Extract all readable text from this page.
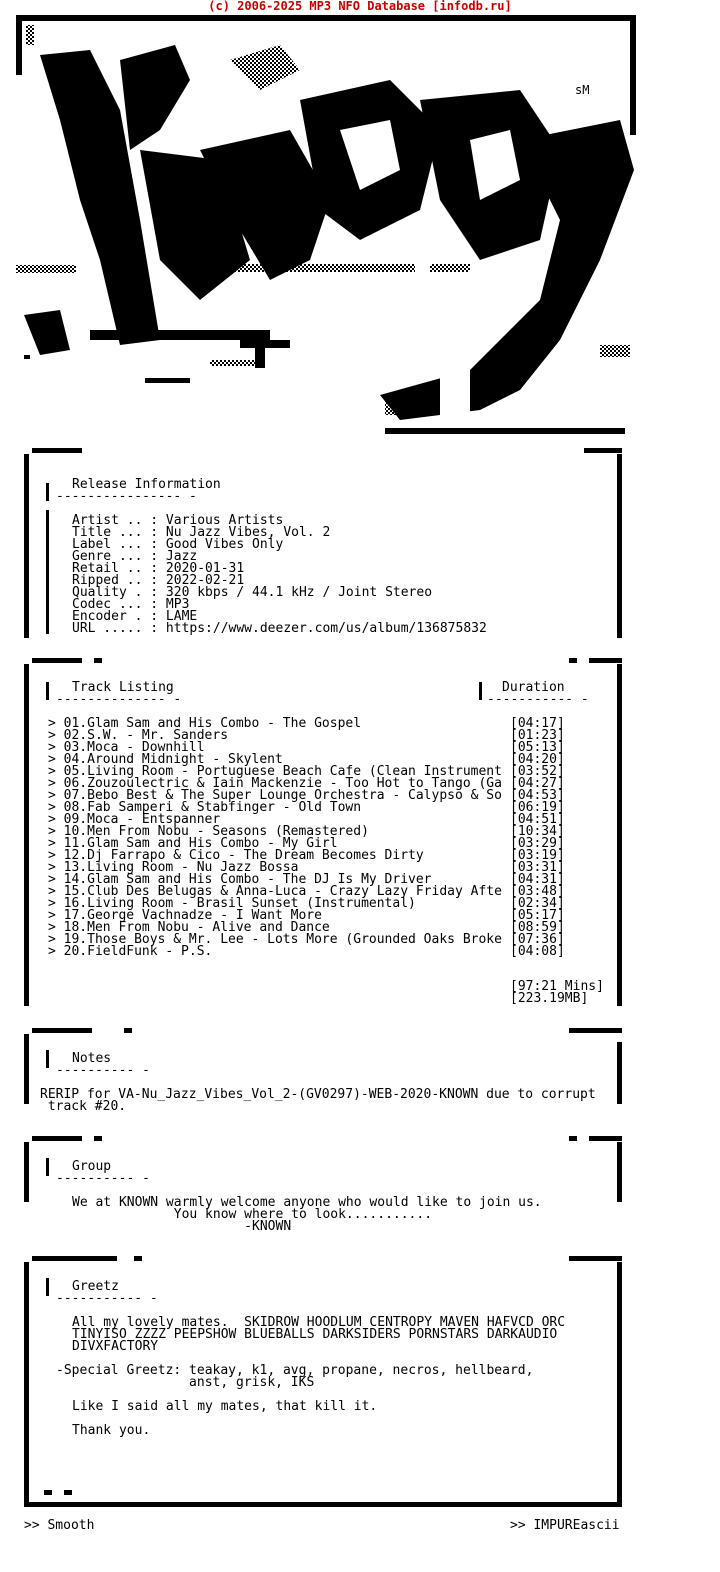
(c) 2006-2025 MP3 NFO Database [infodb.ru]
sM
Release Information
---------------- -
Artist .. : Various Artists
Title ... : Nu Jazz Vibes, Vol. 2
Label ... : Good Vibes Only
Genre ... : Jazz
Retail .. : 2020-01-31
Ripped .. : 2022-02-21
Quality . : 320 kbps / 44.1 kHz / Joint Stereo
Codec ... : MP3
Encoder . : LAME
URL ..... : https://www.deezer.com/us/album/136875832
Track Listing
-------------- -
Duration
----------- -
> 01.Glam Sam and His Combo - The Gospel	[04:17]
> 02.S.W. - Mr. Sanders	[01:23]
> 03.Moca - Downhill	[05:13]
> 04.Around Midnight - Skylent	[04:20]
> 05.Living Room - Portuguese Beach Cafe (Clean Instrument [03:52]
> 06.Zouzoulectric & Iain Mackenzie - Too Hot to Tango (Ga [04:27]
> 07.Bebo Best & The Super Lounge Orchestra - Calypso & So [04:53]
> 08.Fab Samperi & Stabfinger - Old Town	[06:19]
> 09.Moca - Entspanner	[04:51]
> 10.Men From Nobu - Seasons (Remastered)	[10:34]
> 11.Glam Sam and His Combo - My Girl	[03:29]
> 12.Dj Farrapo & Cico - The Dream Becomes Dirty	[03:19]
> 13.Living Room - Nu Jazz Bossa	[03:31]
> 14.Glam Sam and His Combo - The DJ Is My Driver	[04:31]
> 15.Club Des Belugas & Anna-Luca - Crazy Lazy Friday Afte [03:48]
> 16.Living Room - Brasil Sunset (Instrumental)	[02:34]
> 17.George Vachnadze - I Want More	[05:17]
> 18.Men From Nobu - Alive and Dance	[08:59]
> 19.Those Boys & Mr. Lee - Lots More (Grounded Oaks Broke [07:36]
> 20.FieldFunk - P.S.	[04:08]
[97:21 Mins]
[223.19MB]
Notes
---------- -
RERIP for VA-Nu_Jazz_Vibes_Vol_2-(GV0297)-WEB-2020-KNOWN due to corrupt
track #20.
Group
---------- -
We at KNOWN warmly welcome anyone who would like to join us.
You know where to look...........
-KNOWN
Greetz
----------- -
All my lovely mates.  SKIDROW HOODLUM CENTROPY MAVEN HAFVCD ORC
TINYISO ZZZZ PEEPSHOW BLUEBALLS DARKSIDERS PORNSTARS DARKAUDIO
DIVXFACTORY
-Special Greetz: teakay, k1, avg, propane, necros, hellbeard,
anst, grisk, IKS
Like I said all my mates, that kill it.
Thank you.
>> Smooth	>> IMPUREascii
